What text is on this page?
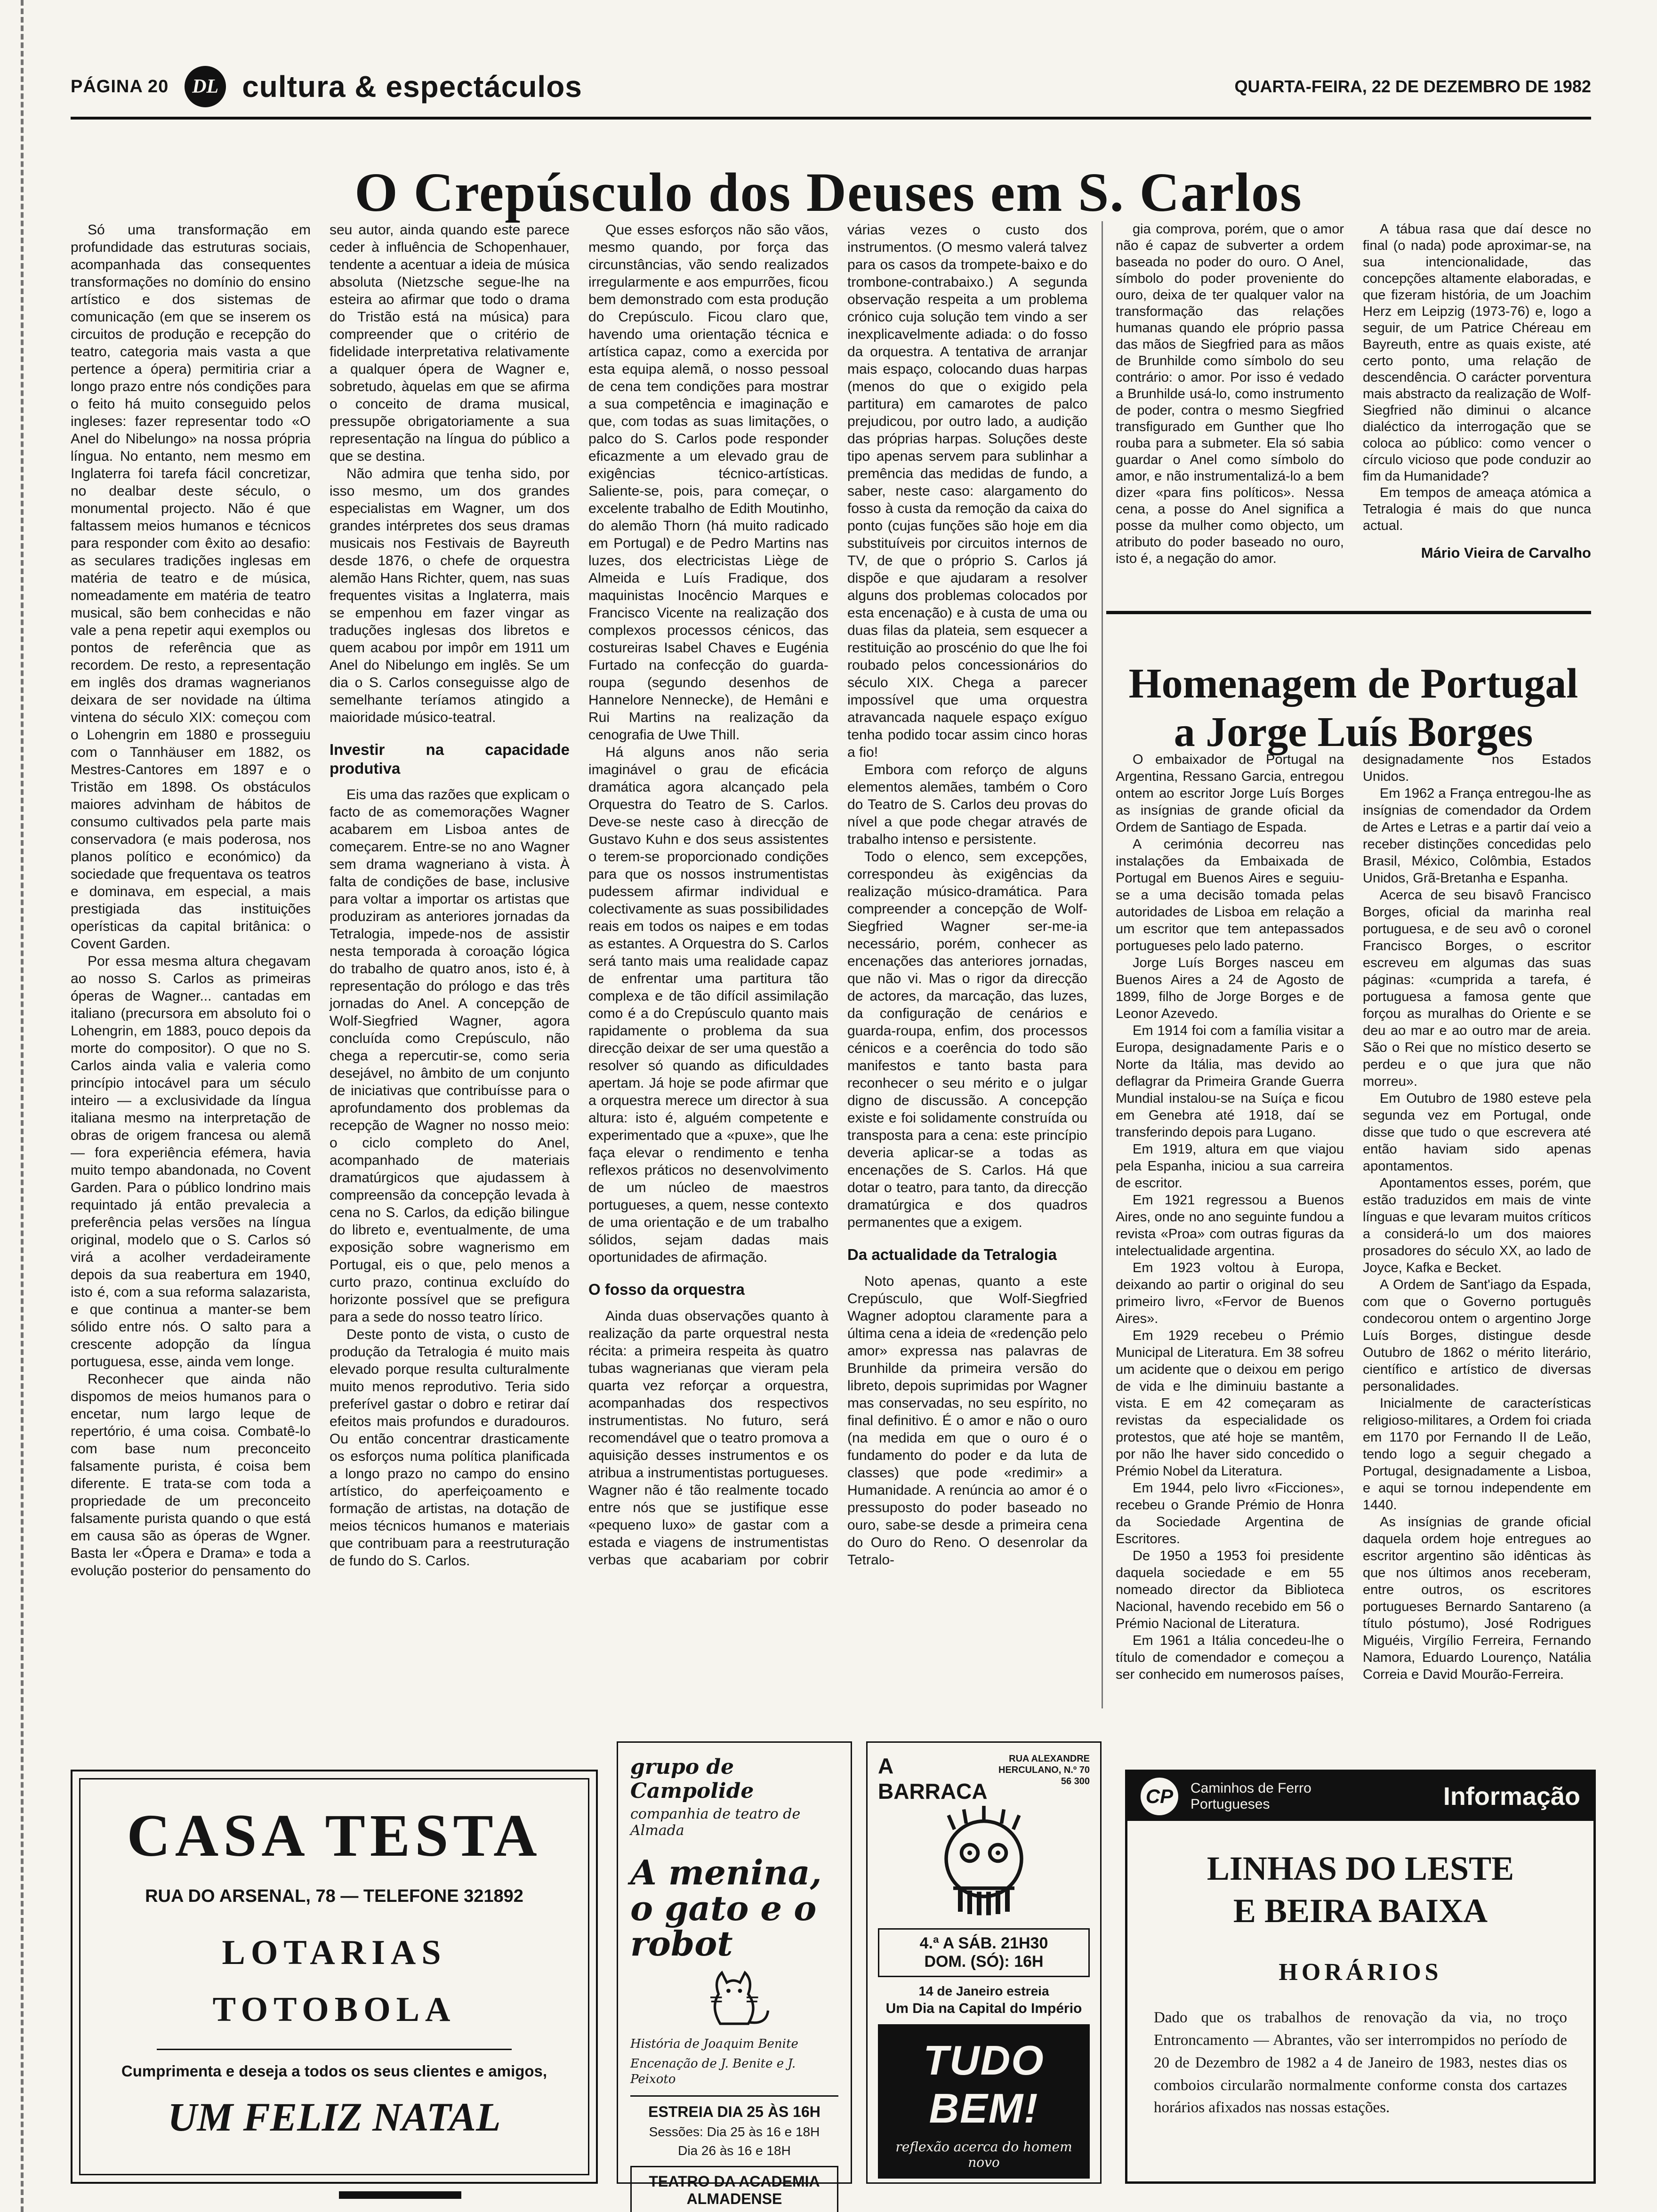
PÁGINA 20	DL cultura & espectáculos	QUARTA-FEIRA, 22 DE DEZEMBRO DE 1982
O Crepúsculo dos Deuses em S. Carlos

Só uma transformação em profundidade das estruturas sociais, acompanhada das consequentes transformações no domínio do ensino artístico e dos sistemas de comunicação (em que se inserem os circuitos de produção e recepção do teatro, categoria mais vasta a que pertence a ópera) permitiria criar a longo prazo entre nós condições para o feito há muito conseguido pelos ingleses: fazer representar todo «O Anel do Nibelungo» na nossa própria língua. No entanto, nem mesmo em Inglaterra foi tarefa fácil concretizar, no dealbar deste século, o monumental projecto. Não é que faltassem meios humanos e técnicos para responder com êxito ao desafio: as seculares tradições inglesas em matéria de teatro e de música, nomeadamente em matéria de teatro musical, são bem conhecidas e não vale a pena repetir aqui exemplos ou pontos de referência que as recordem. De resto, a representação em inglês dos dramas wagnerianos deixara de ser novidade na última vintena do século XIX: começou com o Lohengrin em 1880 e prosseguiu com o Tannhäuser em 1882, os Mestres-Cantores em 1897 e o Tristão em 1898. Os obstáculos maiores advinham de hábitos de consumo cultivados pela parte mais conservadora (e mais poderosa, nos planos político e económico) da sociedade que frequentava os teatros e dominava, em especial, a mais prestigiada das instituições operísticas da capital britânica: o Covent Garden.

Por essa mesma altura chegavam ao nosso S. Carlos as primeiras óperas de Wagner... cantadas em italiano (precursora em absoluto foi o Lohengrin, em 1883, pouco depois da morte do compositor). O que no S. Carlos ainda valia e valeria como princípio intocável para um século inteiro — a exclusividade da língua italiana mesmo na interpretação de obras de origem francesa ou alemã — fora experiência efémera, havia muito tempo abandonada, no Covent Garden. Para o público londrino mais requintado já então prevalecia a preferência pelas versões na língua original, modelo que o S. Carlos só virá a acolher verdadeiramente depois da sua reabertura em 1940, isto é, com a sua reforma salazarista, e que continua a manter-se bem sólido entre nós. O salto para a crescente adopção da língua portuguesa, esse, ainda vem longe.

Reconhecer que ainda não dispomos de meios humanos para o encetar, num largo leque de repertório, é uma coisa. Combatê-lo com base num preconceito falsamente purista, é coisa bem diferente. E trata-se com toda a propriedade de um preconceito falsamente purista quando o que está em causa são as óperas de Wgner. Basta ler «Ópera e Drama» e toda a evolução posterior do pensamento do seu autor, ainda quando este parece ceder à influência de Schopenhauer, tendente a acentuar a ideia de música absoluta (Nietzsche segue-lhe na esteira ao afirmar que todo o drama do Tristão está na música) para compreender que o critério de fidelidade interpretativa relativamente a qualquer ópera de Wagner e, sobretudo, àquelas em que se afirma o conceito de drama musical, pressupõe obrigatoriamente a sua representação na língua do público a que se destina.

Não admira que tenha sido, por isso mesmo, um dos grandes especialistas em Wagner, um dos grandes intérpretes dos seus dramas musicais nos Festivais de Bayreuth desde 1876, o chefe de orquestra alemão Hans Richter, quem, nas suas frequentes visitas a Inglaterra, mais se empenhou em fazer vingar as traduções inglesas dos libretos e quem acabou por impôr em 1911 um Anel do Nibelungo em inglês. Se um dia o S. Carlos conseguisse algo de semelhante teríamos atingido a maioridade músico-teatral.

Investir na capacidade produtiva

Eis uma das razões que explicam o facto de as comemorações Wagner acabarem em Lisboa antes de começarem. Entre-se no ano Wagner sem drama wagneriano à vista. À falta de condições de base, inclusive para voltar a importar os artistas que produziram as anteriores jornadas da Tetralogia, impede-nos de assistir nesta temporada à coroação lógica do trabalho de quatro anos, isto é, à representação do prólogo e das três jornadas do Anel. A concepção de Wolf-Siegfried Wagner, agora concluída como Crepúsculo, não chega a repercutir-se, como seria desejável, no âmbito de um conjunto de iniciativas que contribuísse para o aprofundamento dos problemas da recepção de Wagner no nosso meio: o ciclo completo do Anel, acompanhado de materiais dramatúrgicos que ajudassem à compreensão da concepção levada à cena no S. Carlos, da edição bilingue do libreto e, eventualmente, de uma exposição sobre wagnerismo em Portugal, eis o que, pelo menos a curto prazo, continua excluído do horizonte possível que se prefigura para a sede do nosso teatro lírico.

Deste ponto de vista, o custo de produção da Tetralogia é muito mais elevado porque resulta culturalmente muito menos reprodutivo. Teria sido preferível gastar o dobro e retirar daí efeitos mais profundos e duradouros. Ou então concentrar drasticamente os esforços numa política planificada a longo prazo no campo do ensino artístico, do aperfeiçoamento e formação de artistas, na dotação de meios técnicos humanos e materiais que contribuam para a reestruturação de fundo do S. Carlos.

Que esses esforços não são vãos, mesmo quando, por força das circunstâncias, vão sendo realizados irregularmente e aos empurrões, ficou bem demonstrado com esta produção do Crepúsculo. Ficou claro que, havendo uma orientação técnica e artística capaz, como a exercida por esta equipa alemã, o nosso pessoal de cena tem condições para mostrar a sua competência e imaginação e que, com todas as suas limitações, o palco do S. Carlos pode responder eficazmente a um elevado grau de exigências técnico-artísticas. Saliente-se, pois, para começar, o excelente trabalho de Edith Moutinho, do alemão Thorn (há muito radicado em Portugal) e de Pedro Martins nas luzes, dos electricistas Liège de Almeida e Luís Fradique, dos maquinistas Inocêncio Marques e Francisco Vicente na realização dos complexos processos cénicos, das costureiras Isabel Chaves e Eugénia Furtado na confecção do guarda-roupa (segundo desenhos de Hannelore Nennecke), de Hemâni e Rui Martins na realização da cenografia de Uwe Thill.

Há alguns anos não seria imaginável o grau de eficácia dramática agora alcançado pela Orquestra do Teatro de S. Carlos. Deve-se neste caso à direcção de Gustavo Kuhn e dos seus assistentes o terem-se proporcionado condições para que os nossos instrumentistas pudessem afirmar individual e colectivamente as suas possibilidades reais em todos os naipes e em todas as estantes. A Orquestra do S. Carlos será tanto mais uma realidade capaz de enfrentar uma partitura tão complexa e de tão difícil assimilação como é a do Crepúsculo quanto mais rapidamente o problema da sua direcção deixar de ser uma questão a resolver só quando as dificuldades apertam. Já hoje se pode afirmar que a orquestra merece um director à sua altura: isto é, alguém competente e experimentado que a «puxe», que lhe faça elevar o rendimento e tenha reflexos práticos no desenvolvimento de um núcleo de maestros portugueses, a quem, nesse contexto de uma orientação e de um trabalho sólidos, sejam dadas mais oportunidades de afirmação.

O fosso da orquestra

Ainda duas observações quanto à realização da parte orquestral nesta récita: a primeira respeita às quatro tubas wagnerianas que vieram pela quarta vez reforçar a orquestra, acompanhadas dos respectivos instrumentistas. No futuro, será recomendável que o teatro promova a aquisição desses instrumentos e os atribua a instrumentistas portugueses. Wagner não é tão realmente tocado entre nós que se justifique esse «pequeno luxo» de gastar com a estada e viagens de instrumentistas verbas que acabariam por cobrir várias vezes o custo dos instrumentos. (O mesmo valerá talvez para os casos da trompete-baixo e do trombone-contrabaixo.) A segunda observação respeita a um problema crónico cuja solução tem vindo a ser inexplicavelmente adiada: o do fosso da orquestra. A tentativa de arranjar mais espaço, colocando duas harpas (menos do que o exigido pela partitura) em camarotes de palco prejudicou, por outro lado, a audição das próprias harpas. Soluções deste tipo apenas servem para sublinhar a premência das medidas de fundo, a saber, neste caso: alargamento do fosso à custa da remoção da caixa do ponto (cujas funções são hoje em dia substituíveis por circuitos internos de TV, de que o próprio S. Carlos já dispõe e que ajudaram a resolver alguns dos problemas colocados por esta encenação) e à custa de uma ou duas filas da plateia, sem esquecer a restituição ao proscénio do que lhe foi roubado pelos concessionários do século XIX. Chega a parecer impossível que uma orquestra atravancada naquele espaço exíguo tenha podido tocar assim cinco horas a fio!

Embora com reforço de alguns elementos alemães, também o Coro do Teatro de S. Carlos deu provas do nível a que pode chegar através de trabalho intenso e persistente.

Todo o elenco, sem excepções, correspondeu às exigências da realização músico-dramática. Para compreender a concepção de Wolf-Siegfried Wagner ser-me-ia necessário, porém, conhecer as encenações das anteriores jornadas, que não vi. Mas o rigor da direcção de actores, da marcação, das luzes, da configuração de cenários e guarda-roupa, enfim, dos processos cénicos e a coerência do todo são manifestos e tanto basta para reconhecer o seu mérito e o julgar digno de discussão. A concepção existe e foi solidamente construída ou transposta para a cena: este princípio deveria aplicar-se a todas as encenações de S. Carlos. Há que dotar o teatro, para tanto, da direcção dramatúrgica e dos quadros permanentes que a exigem.

Da actualidade da Tetralogia

Noto apenas, quanto a este Crepúsculo, que Wolf-Siegfried Wagner adoptou claramente para a última cena a ideia de «redenção pelo amor» expressa nas palavras de Brunhilde da primeira versão do libreto, depois suprimidas por Wagner mas conservadas, no seu espírito, no final definitivo. É o amor e não o ouro (na medida em que o ouro é o fundamento do poder e da luta de classes) que pode «redimir» a Humanidade. A renúncia ao amor é o pressuposto do poder baseado no ouro, sabe-se desde a primeira cena do Ouro do Reno. O desenrolar da Tetralo-

gia comprova, porém, que o amor não é capaz de subverter a ordem baseada no poder do ouro. O Anel, símbolo do poder proveniente do ouro, deixa de ter qualquer valor na transformação das relações humanas quando ele próprio passa das mãos de Siegfried para as mãos de Brunhilde como símbolo do seu contrário: o amor. Por isso é vedado a Brunhilde usá-lo, como instrumento de poder, contra o mesmo Siegfried transfigurado em Gunther que lho rouba para a submeter. Ela só sabia guardar o Anel como símbolo do amor, e não instrumentalizá-lo a bem dizer «para fins políticos». Nessa cena, a posse do Anel significa a posse da mulher como objecto, um atributo do poder baseado no ouro, isto é, a negação do amor.

A tábua rasa que daí desce no final (o nada) pode aproximar-se, na sua intencionalidade, das concepções altamente elaboradas, e que fizeram história, de um Joachim Herz em Leipzig (1973-76) e, logo a seguir, de um Patrice Chéreau em Bayreuth, entre as quais existe, até certo ponto, uma relação de descendência. O carácter porventura mais abstracto da realização de Wolf-Siegfried não diminui o alcance dialéctico da interrogação que se coloca ao público: como vencer o círculo vicioso que pode conduzir ao fim da Humanidade?

Em tempos de ameaça atómica a Tetralogia é mais do que nunca actual.

Mário Vieira de Carvalho
Homenagem de Portugal
a Jorge Luís Borges

O embaixador de Portugal na Argentina, Ressano Garcia, entregou ontem ao escritor Jorge Luís Borges as insígnias de grande oficial da Ordem de Santiago de Espada.

A cerimónia decorreu nas instalações da Embaixada de Portugal em Buenos Aires e seguiu-se a uma decisão tomada pelas autoridades de Lisboa em relação a um escritor que tem antepassados portugueses pelo lado paterno.

Jorge Luís Borges nasceu em Buenos Aires a 24 de Agosto de 1899, filho de Jorge Borges e de Leonor Azevedo.

Em 1914 foi com a família visitar a Europa, designadamente Paris e o Norte da Itália, mas devido ao deflagrar da Primeira Grande Guerra Mundial instalou-se na Suíça e ficou em Genebra até 1918, daí se transferindo depois para Lugano.

Em 1919, altura em que viajou pela Espanha, iniciou a sua carreira de escritor.

Em 1921 regressou a Buenos Aires, onde no ano seguinte fundou a revista «Proa» com outras figuras da intelectualidade argentina.

Em 1923 voltou à Europa, deixando ao partir o original do seu primeiro livro, «Fervor de Buenos Aires».

Em 1929 recebeu o Prémio Municipal de Literatura. Em 38 sofreu um acidente que o deixou em perigo de vida e lhe diminuiu bastante a vista. E em 42 começaram as revistas da especialidade os protestos, que até hoje se mantêm, por não lhe haver sido concedido o Prémio Nobel da Literatura.

Em 1944, pelo livro «Ficciones», recebeu o Grande Prémio de Honra da Sociedade Argentina de Escritores.

De 1950 a 1953 foi presidente daquela sociedade e em 55 nomeado director da Biblioteca Nacional, havendo recebido em 56 o Prémio Nacional de Literatura.

Em 1961 a Itália concedeu-lhe o título de comendador e começou a ser conhecido em numerosos países, designadamente nos Estados Unidos.

Em 1962 a França entregou-lhe as insígnias de comendador da Ordem de Artes e Letras e a partir daí veio a receber distinções concedidas pelo Brasil, México, Colômbia, Estados Unidos, Grã-Bretanha e Espanha.

Acerca de seu bisavô Francisco Borges, oficial da marinha real portuguesa, e de seu avô o coronel Francisco Borges, o escritor escreveu em algumas das suas páginas: «cumprida a tarefa, é portuguesa a famosa gente que forçou as muralhas do Oriente e se deu ao mar e ao outro mar de areia. São o Rei que no místico deserto se perdeu e o que jura que não morreu».

Em Outubro de 1980 esteve pela segunda vez em Portugal, onde disse que tudo o que escrevera até então haviam sido apenas apontamentos.

Apontamentos esses, porém, que estão traduzidos em mais de vinte línguas e que levaram muitos críticos a considerá-lo um dos maiores prosadores do século XX, ao lado de Joyce, Kafka e Becket.

A Ordem de Sant'iago da Espada, com que o Governo português condecorou ontem o argentino Jorge Luís Borges, distingue desde Outubro de 1862 o mérito literário, científico e artístico de diversas personalidades.

Inicialmente de características religioso-militares, a Ordem foi criada em 1170 por Fernando II de Leão, tendo logo a seguir chegado a Portugal, designadamente a Lisboa, e aqui se tornou independente em 1440.

As insígnias de grande oficial daquela ordem hoje entregues ao escritor argentino são idênticas às que nos últimos anos receberam, entre outros, os escritores portugueses Bernardo Santareno (a título póstumo), José Rodrigues Miguéis, Virgílio Ferreira, Fernando Namora, Eduardo Lourenço, Natália Correia e David Mourão-Ferreira.

CASA TESTA
RUA DO ARSENAL, 78 — TELEFONE 321892
LOTARIAS
TOTOBOLA
Cumprimenta e deseja a todos os seus clientes e amigos,
UM FELIZ NATAL
grupo de Campolide
companhia de teatro de Almada
A menina, o gato e o robot
História de Joaquim Benite
Encenação de J. Benite e J. Peixoto
ESTREIA DIA 25 ÀS 16H
Sessões: Dia 25 às 16 e 18H
Dia 26 às 16 e 18H
TEATRO DA ACADEMIA ALMADENSE
A BARRACA
RUA ALEXANDRE HERCULANO, N.º 70
56 300
4.ª A SÁB. 21H30
DOM. (SÓ): 16H
14 de Janeiro estreia
Um Dia na Capital do Império
TUDO BEM!
reflexão acerca do homem novo
CP	Caminhos de Ferro
Portugueses	Informação
LINHAS DO LESTE
E BEIRA BAIXA
HORÁRIOS
Dado que os trabalhos de renovação da via, no troço Entroncamento — Abrantes, vão ser interrompidos no período de 20 de Dezembro de 1982 a 4 de Janeiro de 1983, nestes dias os comboios circularão normalmente conforme consta dos cartazes horários afixados nas nossas estações.
